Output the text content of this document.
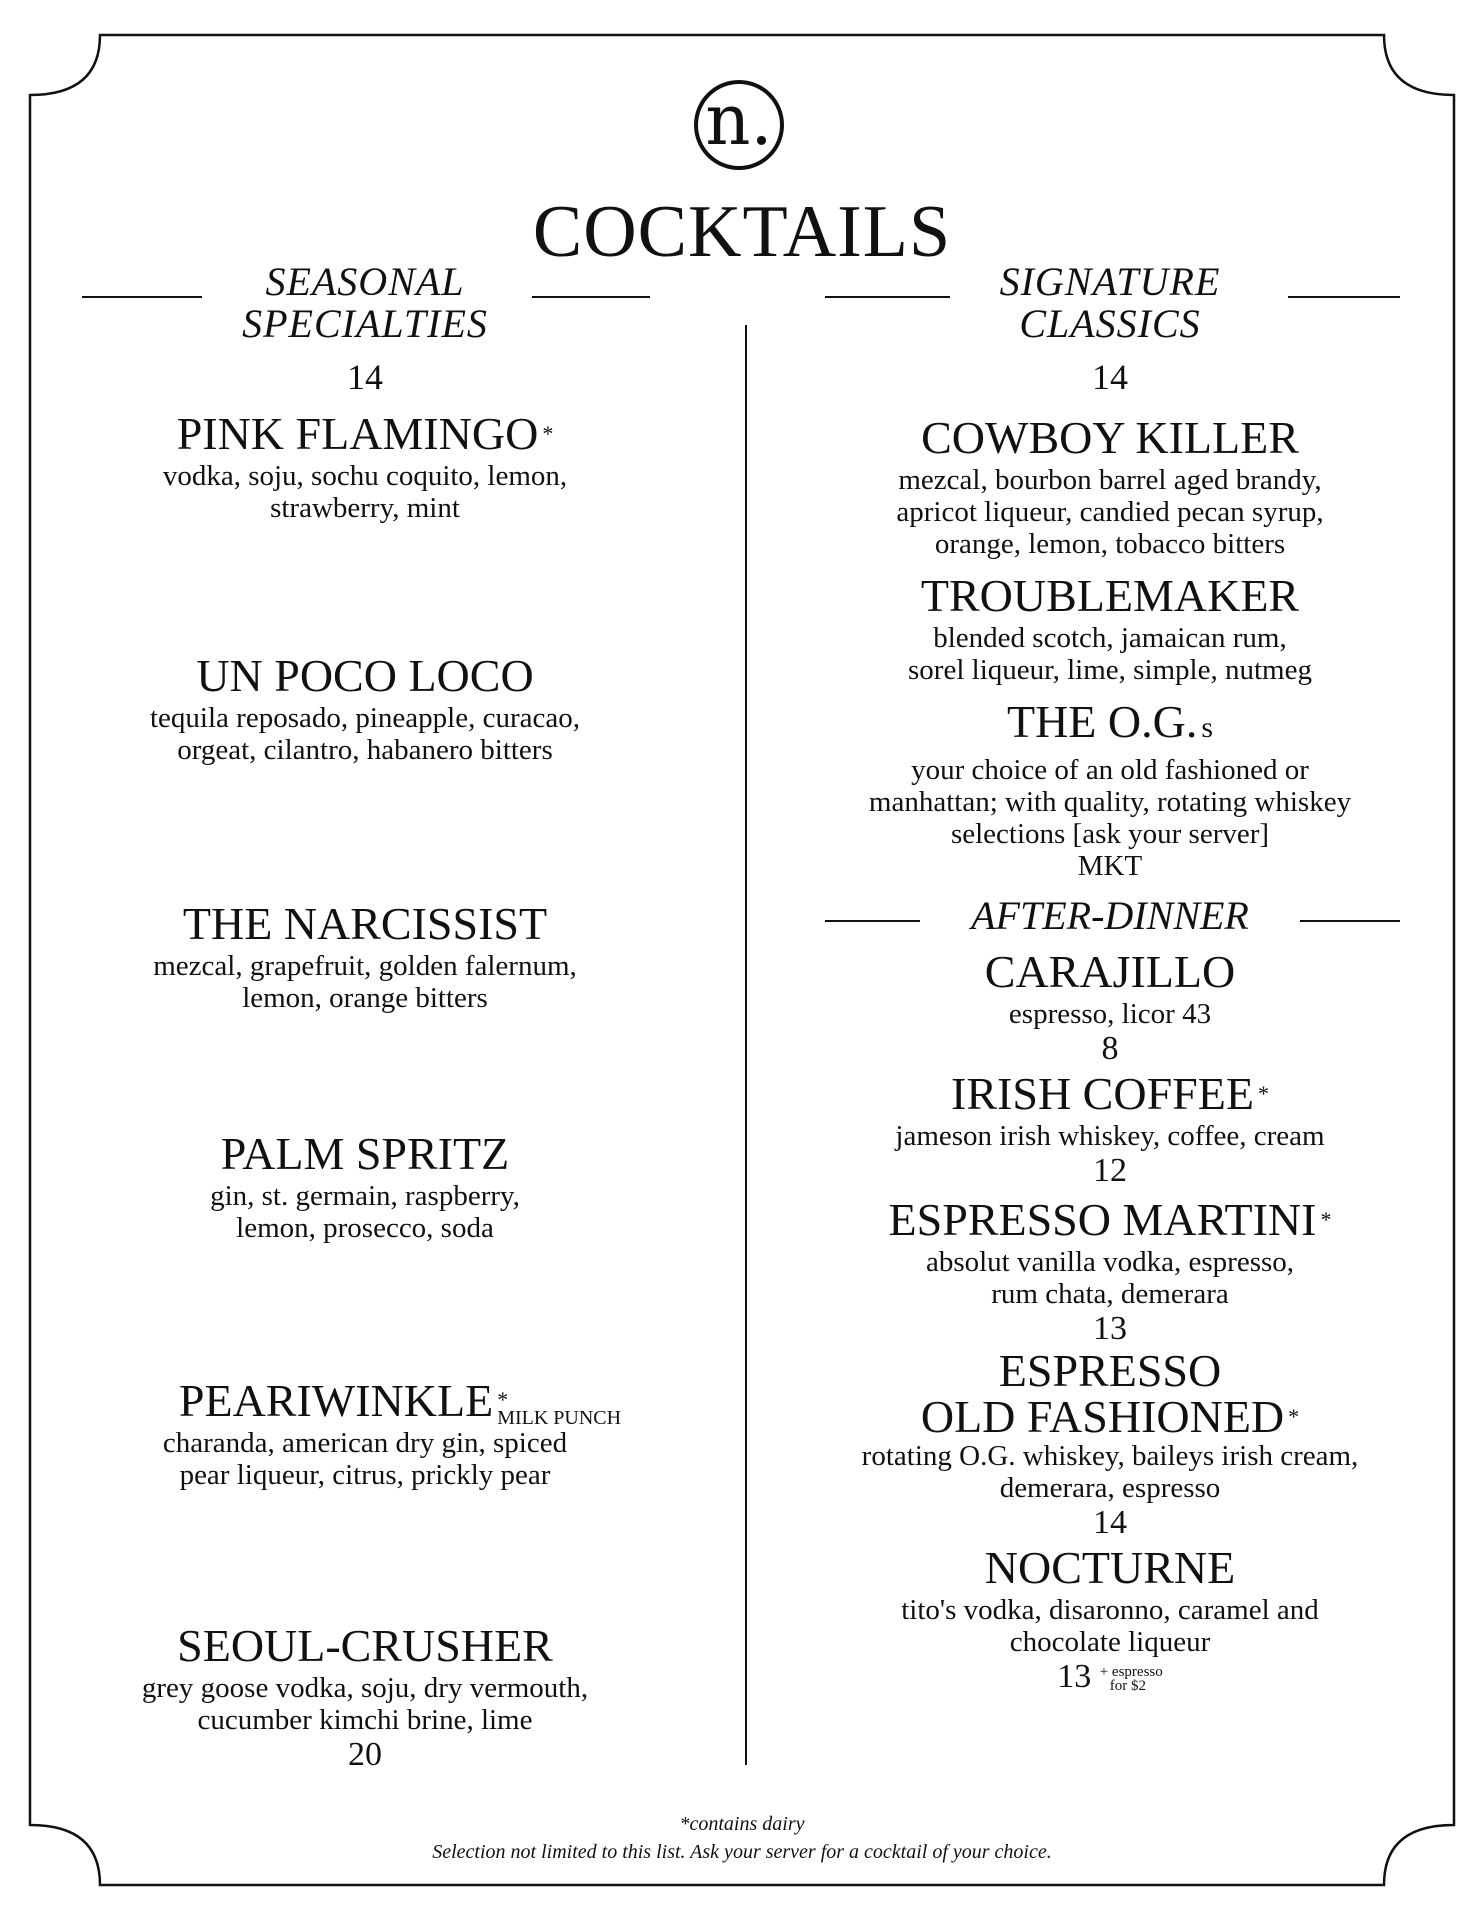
n.
COCKTAILS
SEASONAL
SPECIALTIES
14
PINK FLAMINGO *
vodka, soju, sochu coquito, lemon,
strawberry, mint
UN POCO LOCO
tequila reposado, pineapple, curacao,
orgeat, cilantro, habanero bitters
THE NARCISSIST
mezcal, grapefruit, golden falernum,
lemon, orange bitters
PALM SPRITZ
gin, st. germain, raspberry,
lemon, prosecco, soda
PEARIWINKLE *
MILK PUNCH
charanda, american dry gin, spiced
pear liqueur, citrus, prickly pear
SEOUL-CRUSHER
grey goose vodka, soju, dry vermouth,
cucumber kimchi brine, lime
20
SIGNATURE
CLASSICS
14
COWBOY KILLER
mezcal, bourbon barrel aged brandy,
apricot liqueur, candied pecan syrup,
orange, lemon, tobacco bitters
TROUBLEMAKER
blended scotch, jamaican rum,
sorel liqueur, lime, simple, nutmeg
THE O.G. s
your choice of an old fashioned or
manhattan; with quality, rotating whiskey
selections [ask your server]
MKT
AFTER-DINNER
CARAJILLO
espresso, licor 43
8
IRISH COFFEE *
jameson irish whiskey, coffee, cream
12
ESPRESSO MARTINI *
absolut vanilla vodka, espresso,
rum chata, demerara
13
ESPRESSO
OLD FASHIONED *
rotating O.G. whiskey, baileys irish cream,
demerara, espresso
14
NOCTURNE
tito's vodka, disaronno, caramel and
chocolate liqueur
13 + espresso
for $2
*contains dairy
Selection not limited to this list. Ask your server for a cocktail of your choice.
